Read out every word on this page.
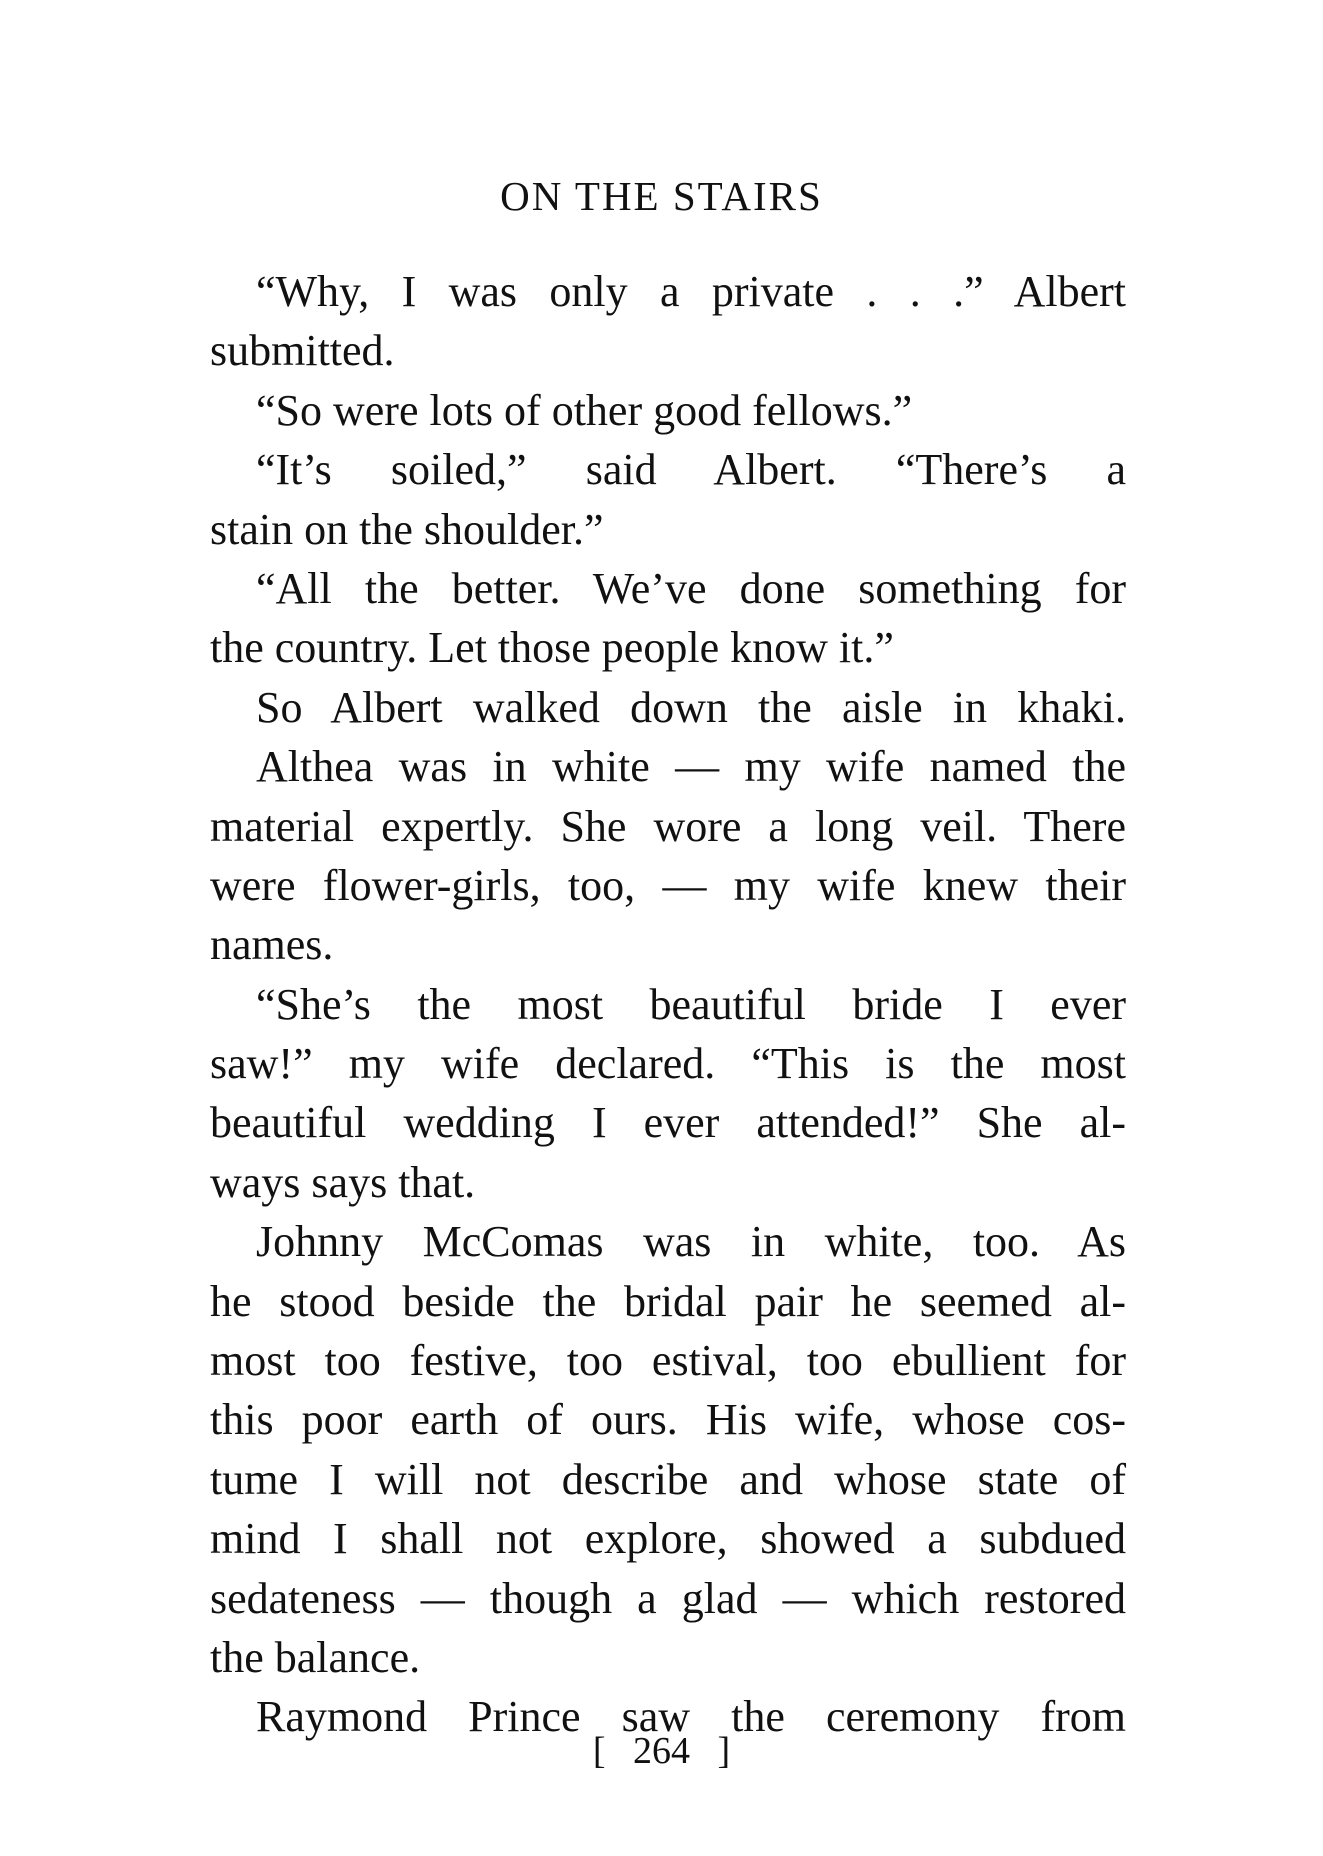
ON THE STAIRS
“Why, I was only a private . . .” Albert
submitted.
“So were lots of other good fellows.”
“It’s soiled,” said Albert. “There’s a
stain on the shoulder.”
“All the better. We’ve done something for
the country. Let those people know it.”
So Albert walked down the aisle in khaki.
Althea was in white — my wife named the
material expertly. She wore a long veil. There
were flower-girls, too, — my wife knew their
names.
“She’s the most beautiful bride I ever
saw!” my wife declared. “This is the most
beautiful wedding I ever attended!” She al-
ways says that.
Johnny McComas was in white, too. As
he stood beside the bridal pair he seemed al-
most too festive, too estival, too ebullient for
this poor earth of ours. His wife, whose cos-
tume I will not describe and whose state of
mind I shall not explore, showed a subdued
sedateness — though a glad — which restored
the balance.
Raymond Prince saw the ceremony from
[ 264 ]
